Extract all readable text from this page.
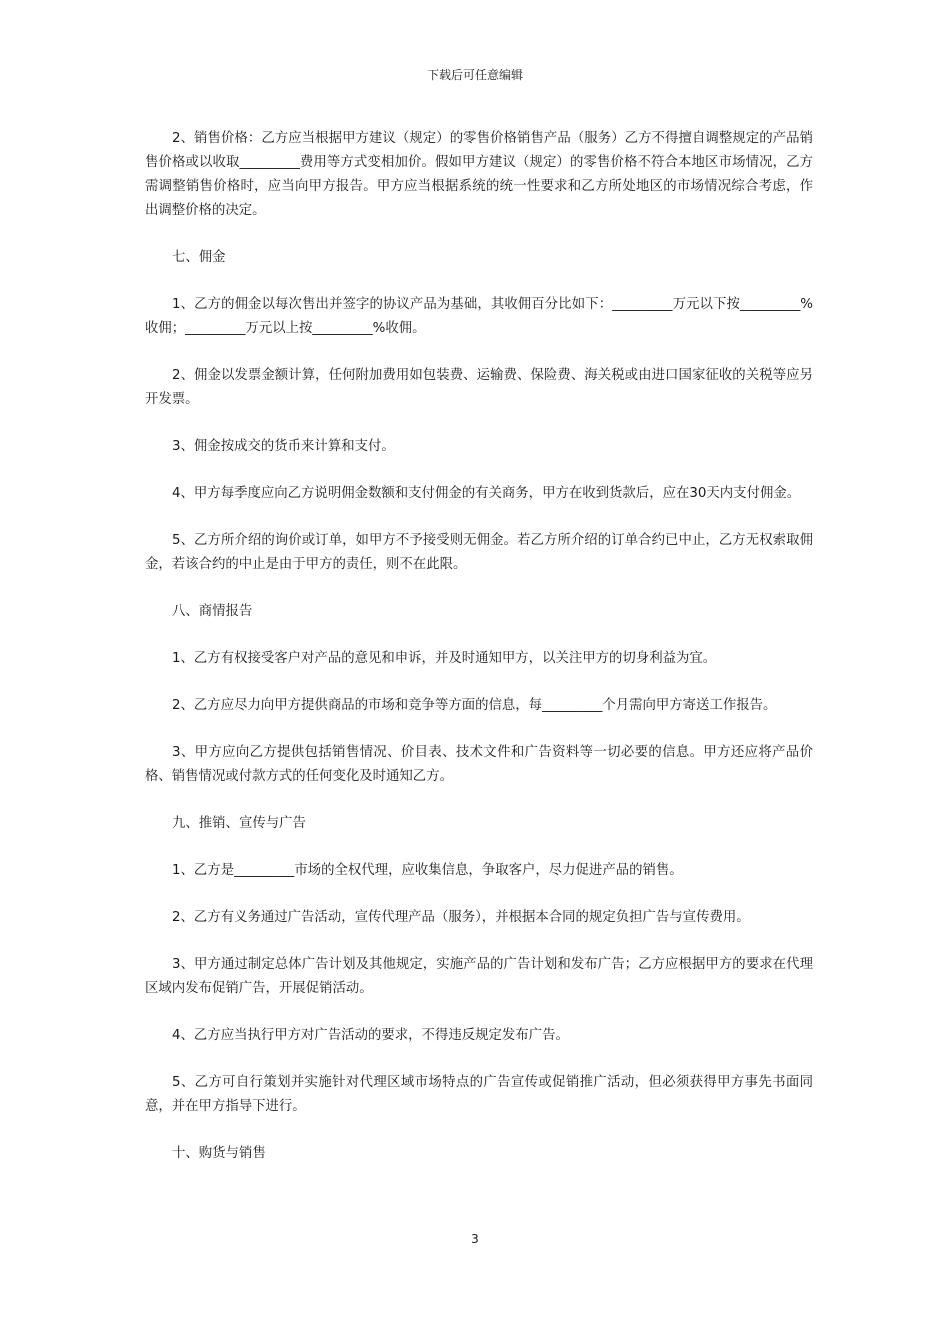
下载后可任意编辑

2、销售价格：乙方应当根据甲方建议（规定）的零售价格销售产品（服务）乙方不得擅自调整规定的产品销售价格或以收取_________费用等方式变相加价。假如甲方建议（规定）的零售价格不符合本地区市场情况，乙方需调整销售价格时，应当向甲方报告。甲方应当根据系统的统一性要求和乙方所处地区的市场情况综合考虑，作出调整价格的决定。

七、佣金

1、乙方的佣金以每次售出并签字的协议产品为基础，其收佣百分比如下：_________万元以下按_________%收佣；_________万元以上按_________%收佣。

2、佣金以发票金额计算，任何附加费用如包装费、运输费、保险费、海关税或由进口国家征收的关税等应另开发票。

3、佣金按成交的货币来计算和支付。

4、甲方每季度应向乙方说明佣金数额和支付佣金的有关商务，甲方在收到货款后，应在30天内支付佣金。

5、乙方所介绍的询价或订单，如甲方不予接受则无佣金。若乙方所介绍的订单合约已中止，乙方无权索取佣金，若该合约的中止是由于甲方的责任，则不在此限。

八、商情报告

1、乙方有权接受客户对产品的意见和申诉，并及时通知甲方，以关注甲方的切身利益为宜。

2、乙方应尽力向甲方提供商品的市场和竞争等方面的信息，每_________个月需向甲方寄送工作报告。

3、甲方应向乙方提供包括销售情况、价目表、技术文件和广告资料等一切必要的信息。甲方还应将产品价格、销售情况或付款方式的任何变化及时通知乙方。

九、推销、宣传与广告

1、乙方是_________市场的全权代理，应收集信息，争取客户，尽力促进产品的销售。

2、乙方有义务通过广告活动，宣传代理产品（服务），并根据本合同的规定负担广告与宣传费用。

3、甲方通过制定总体广告计划及其他规定，实施产品的广告计划和发布广告；乙方应根据甲方的要求在代理区域内发布促销广告，开展促销活动。

4、乙方应当执行甲方对广告活动的要求，不得违反规定发布广告。

5、乙方可自行策划并实施针对代理区域市场特点的广告宣传或促销推广活动，但必须获得甲方事先书面同意，并在甲方指导下进行。

十、购货与销售

3
